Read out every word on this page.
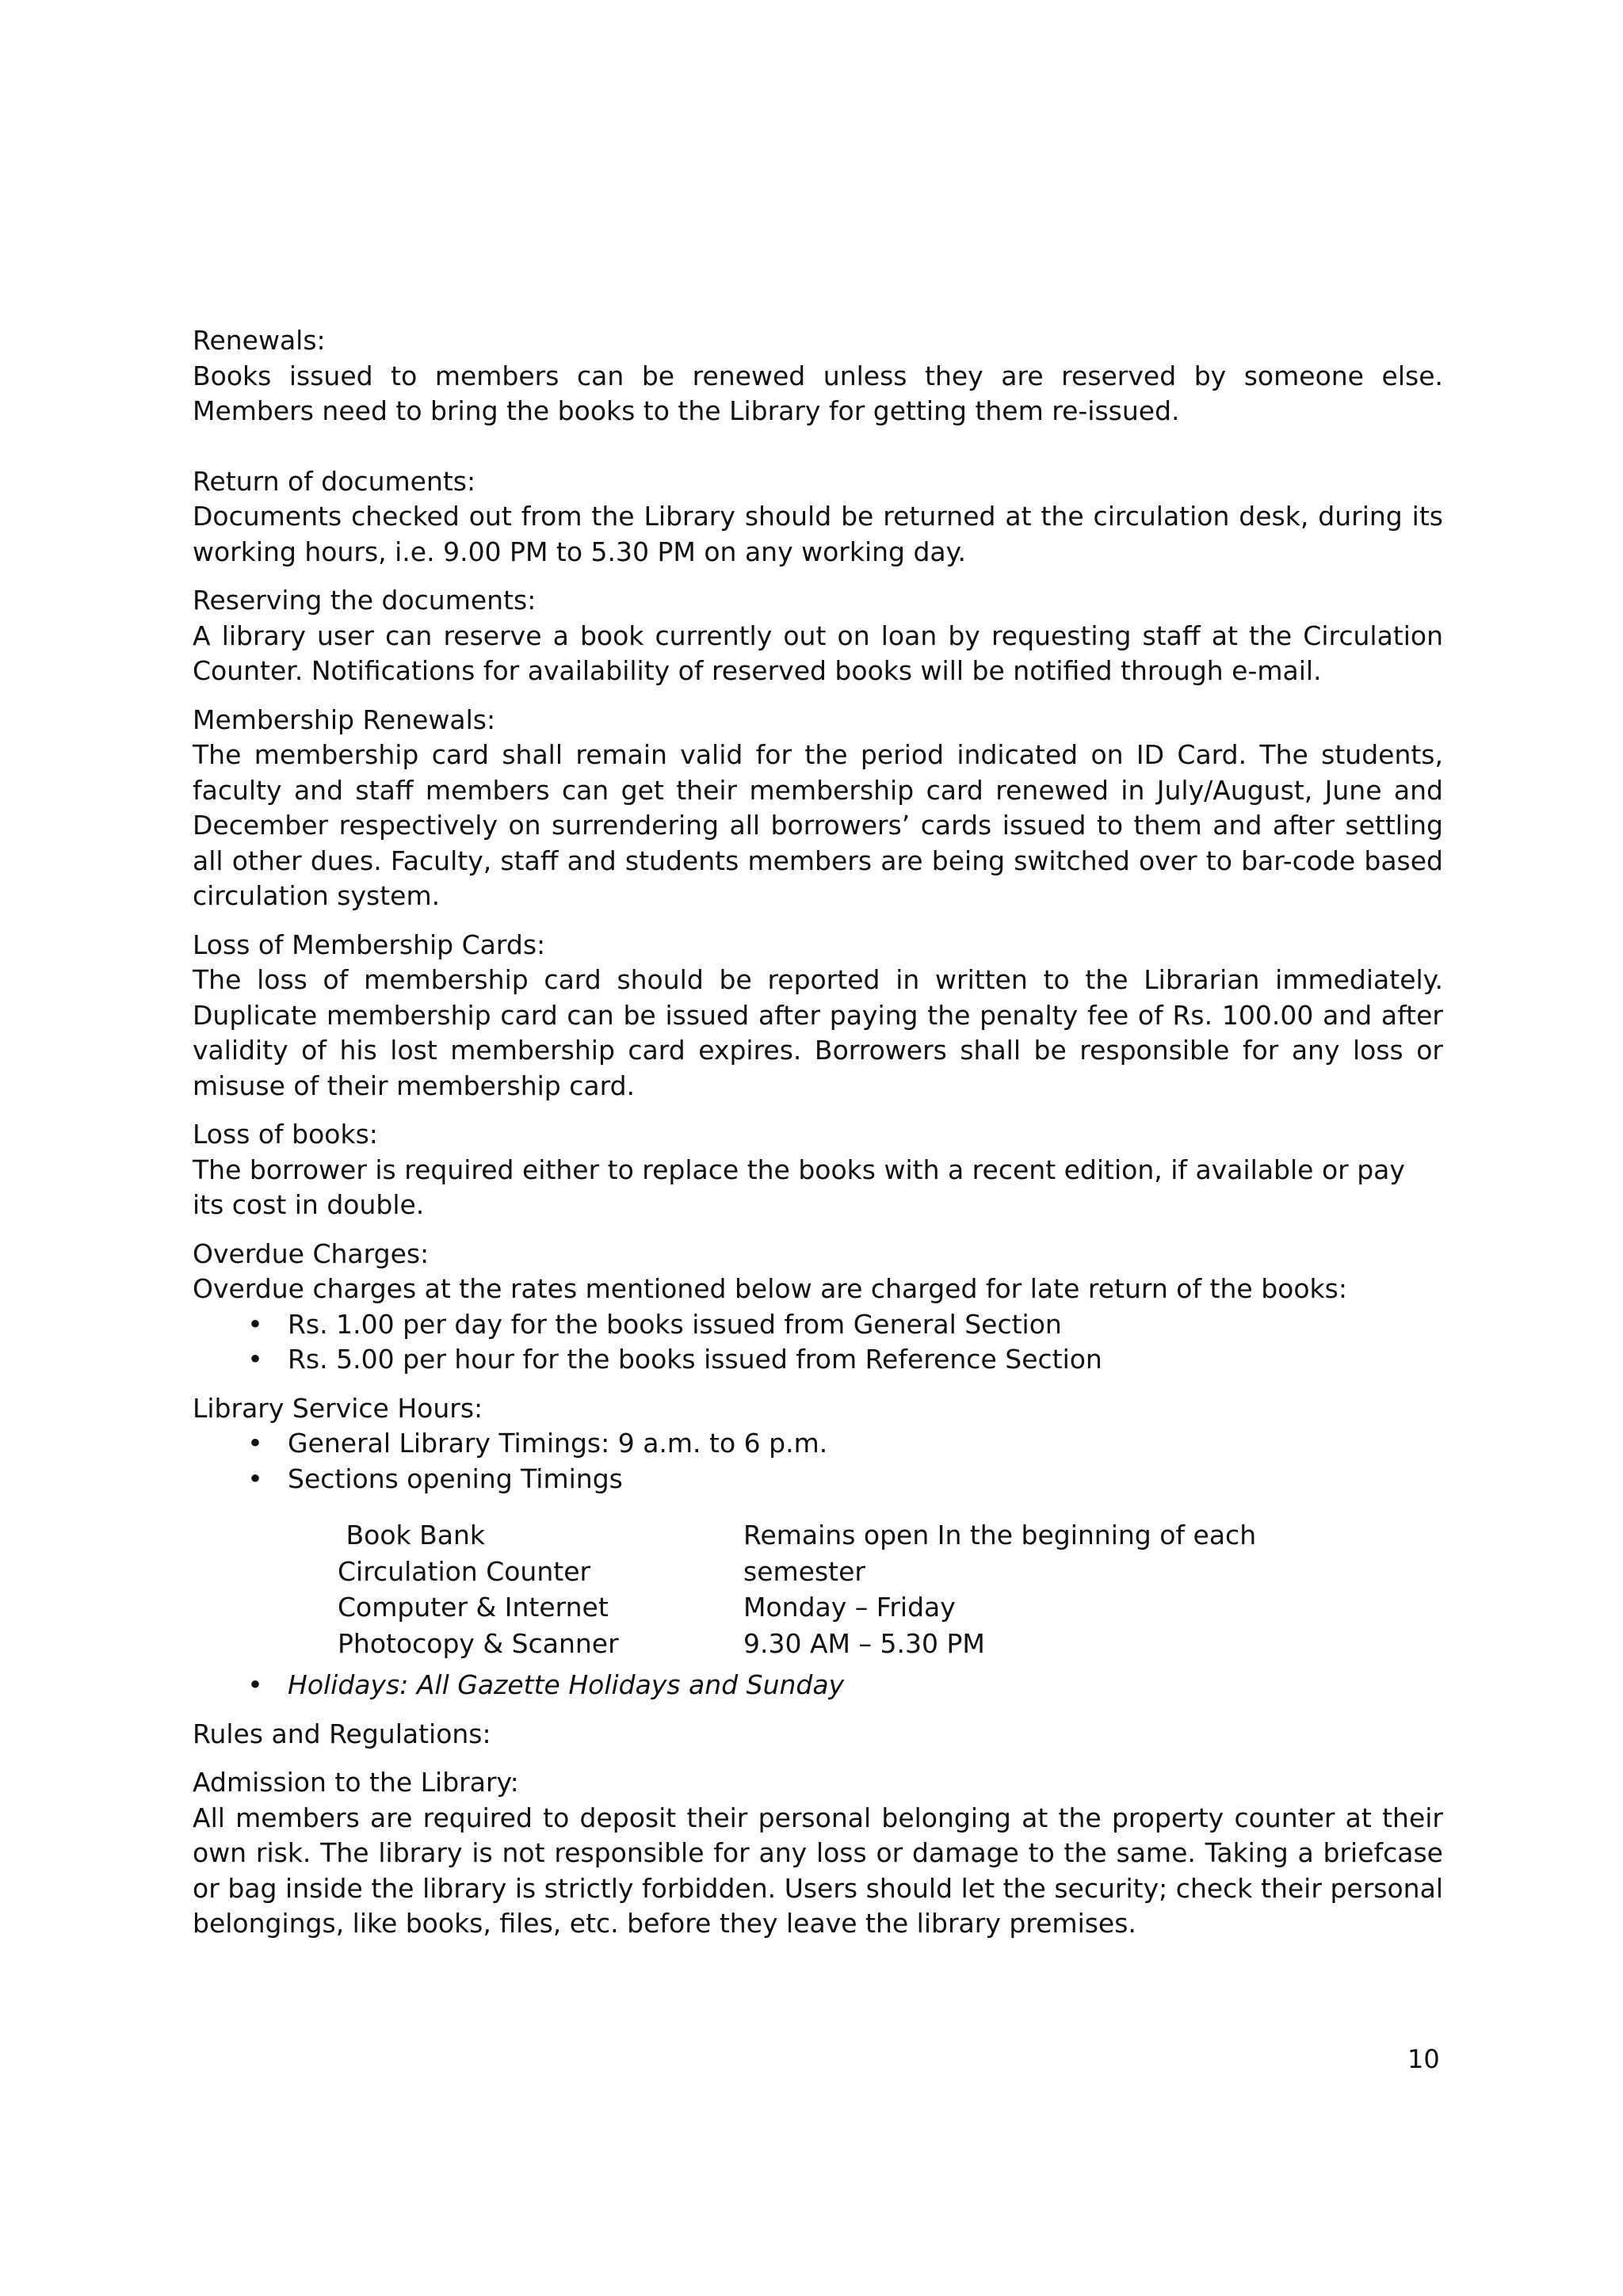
Renewals:

Books issued to members can be renewed unless they are reserved by someone else. Members need to bring the books to the Library for getting them re-issued.

Return of documents:

Documents checked out from the Library should be returned at the circulation desk, during its working hours, i.e. 9.00 PM to 5.30 PM on any working day.

Reserving the documents:

A library user can reserve a book currently out on loan by requesting staff at the Circulation Counter. Notifications for availability of reserved books will be notified through e-mail.

Membership Renewals:

The membership card shall remain valid for the period indicated on ID Card. The students, faculty and staff members can get their membership card renewed in July/August, June and December respectively on surrendering all borrowers’ cards issued to them and after settling all other dues. Faculty, staff and students members are being switched over to bar-code based circulation system.

Loss of Membership Cards:

The loss of membership card should be reported in written to the Librarian immediately. Duplicate membership card can be issued after paying the penalty fee of Rs. 100.00 and after validity of his lost membership card expires. Borrowers shall be responsible for any loss or misuse of their membership card.

Loss of books:

The borrower is required either to replace the books with a recent edition, if available or pay its cost in double.

Overdue Charges:

Overdue charges at the rates mentioned below are charged for late return of the books:

• Rs. 1.00 per day for the books issued from General Section
• Rs. 5.00 per hour for the books issued from Reference Section
Library Service Hours:
• General Library Timings: 9 a.m. to 6 p.m.
• Sections opening Timings
Book Bank
Circulation Counter
Computer & Internet
Photocopy & Scanner
Remains open In the beginning of each semester
Monday – Friday
9.30 AM – 5.30 PM
• Holidays: All Gazette Holidays and Sunday
Rules and Regulations:
Admission to the Library:

All members are required to deposit their personal belonging at the property counter at their own risk. The library is not responsible for any loss or damage to the same. Taking a briefcase or bag inside the library is strictly forbidden. Users should let the security; check their personal belongings, like books, files, etc. before they leave the library premises.

10
